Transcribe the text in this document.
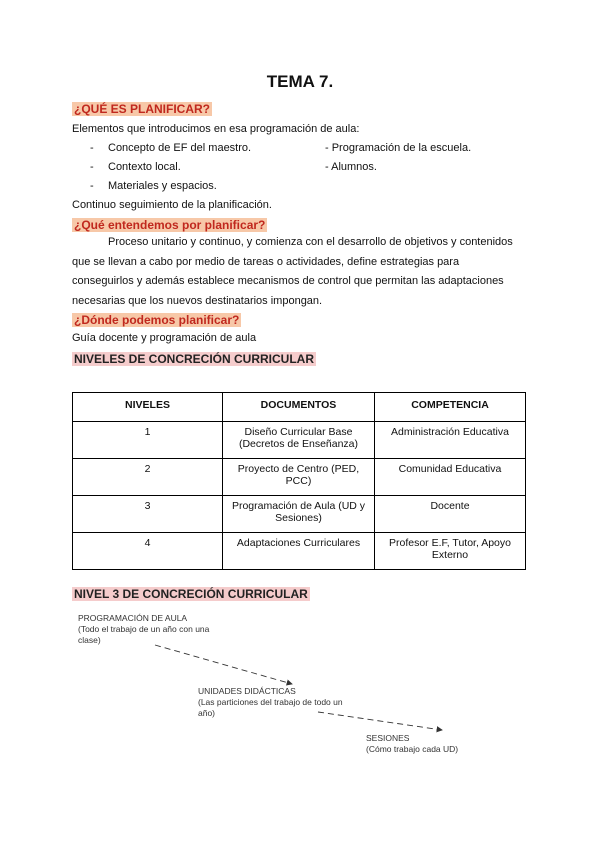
TEMA 7.
¿QUÉ ES PLANIFICAR?
Elementos que introducimos en esa programación de aula:
- Concepto de EF del maestro.
- Contexto local.
- Materiales y espacios.
- Programación de la escuela.
- Alumnos.
Continuo seguimiento de la planificación.
¿Qué entendemos por planificar?
Proceso unitario y continuo, y comienza con el desarrollo de objetivos y contenidos
que se llevan a cabo por medio de tareas o actividades, define estrategias para
conseguirlos y además establece mecanismos de control que permitan las adaptaciones
necesarias que los nuevos destinatarios impongan.
¿Dónde podemos planificar?
Guía docente y programación de aula
NIVELES DE CONCRECIÓN CURRICULAR
NIVELES	DOCUMENTOS	COMPETENCIA
1	Diseño Curricular Base (Decretos de Enseñanza)	Administración Educativa
2	Proyecto de Centro (PED, PCC)	Comunidad Educativa
3	Programación de Aula (UD y Sesiones)	Docente
4	Adaptaciones Curriculares	Profesor E.F, Tutor, Apoyo Externo
NIVEL 3 DE CONCRECIÓN CURRICULAR
PROGRAMACIÓN DE AULA
(Todo el trabajo de un año con una clase)
UNIDADES DIDÁCTICAS
(Las particiones del trabajo de todo un año)
SESIONES
(Cómo trabajo cada UD)
